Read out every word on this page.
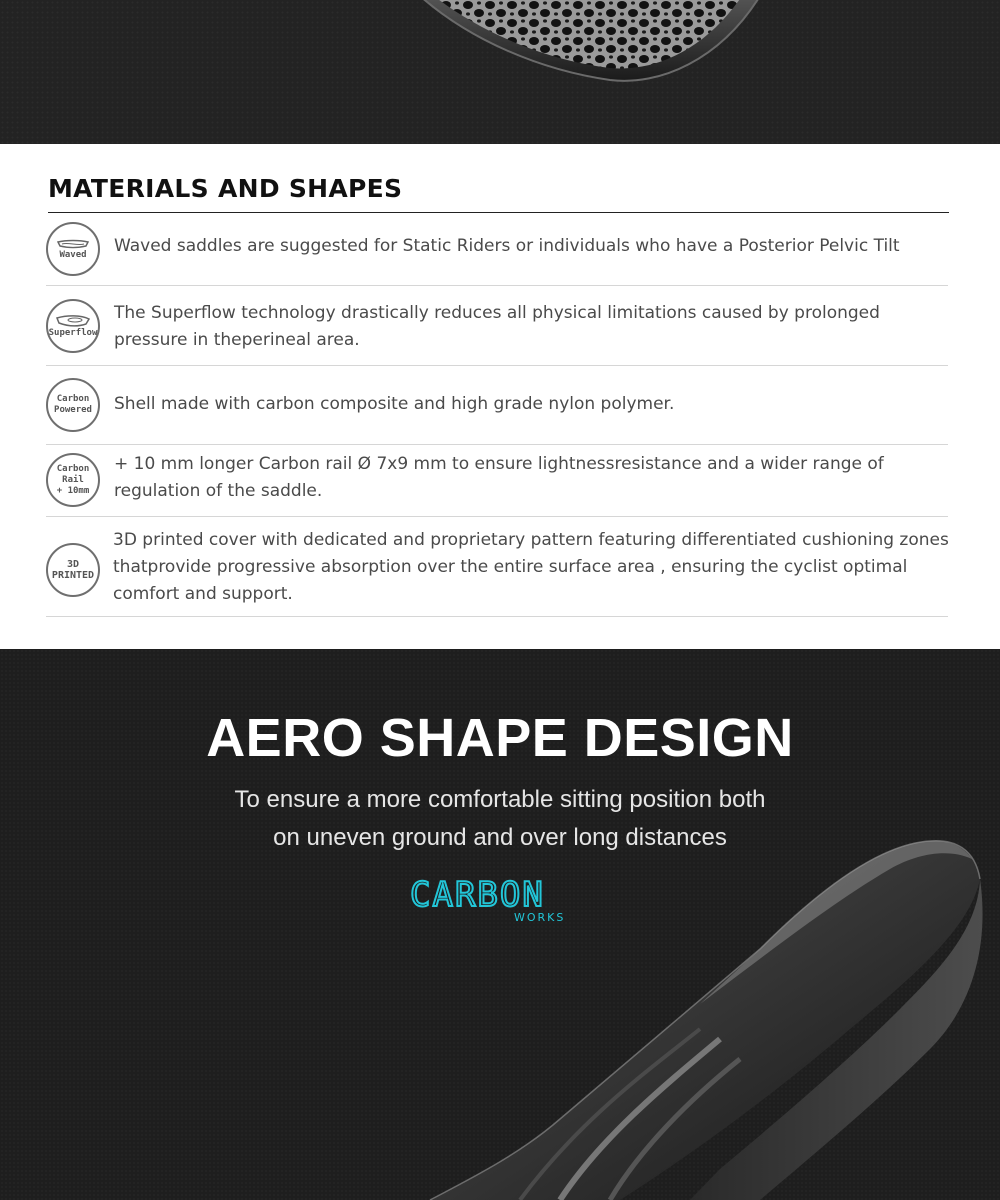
MATERIALS AND SHAPES
Waved Waved saddles are suggested for Static Riders or individuals who have a Posterior Pelvic Tilt
Superflow
The Superflow technology drastically reduces all physical limitations caused by prolonged pressure in theperineal area.
Carbon
Powered Shell made with carbon composite and high grade nylon polymer.
Carbon Rail
+ 10mm
+ 10 mm longer Carbon rail Ø 7x9 mm to ensure lightnessresistance and a wider range of regulation of the saddle.
3D
PRINTED
3D printed cover with dedicated and proprietary pattern featuring differentiated cushioning zones thatprovide progressive absorption over the entire surface area , ensuring the cyclist optimal comfort and support.
AERO SHAPE DESIGN
To ensure a more comfortable sitting position both
on uneven ground and over long distances
CARBON
WORKS
